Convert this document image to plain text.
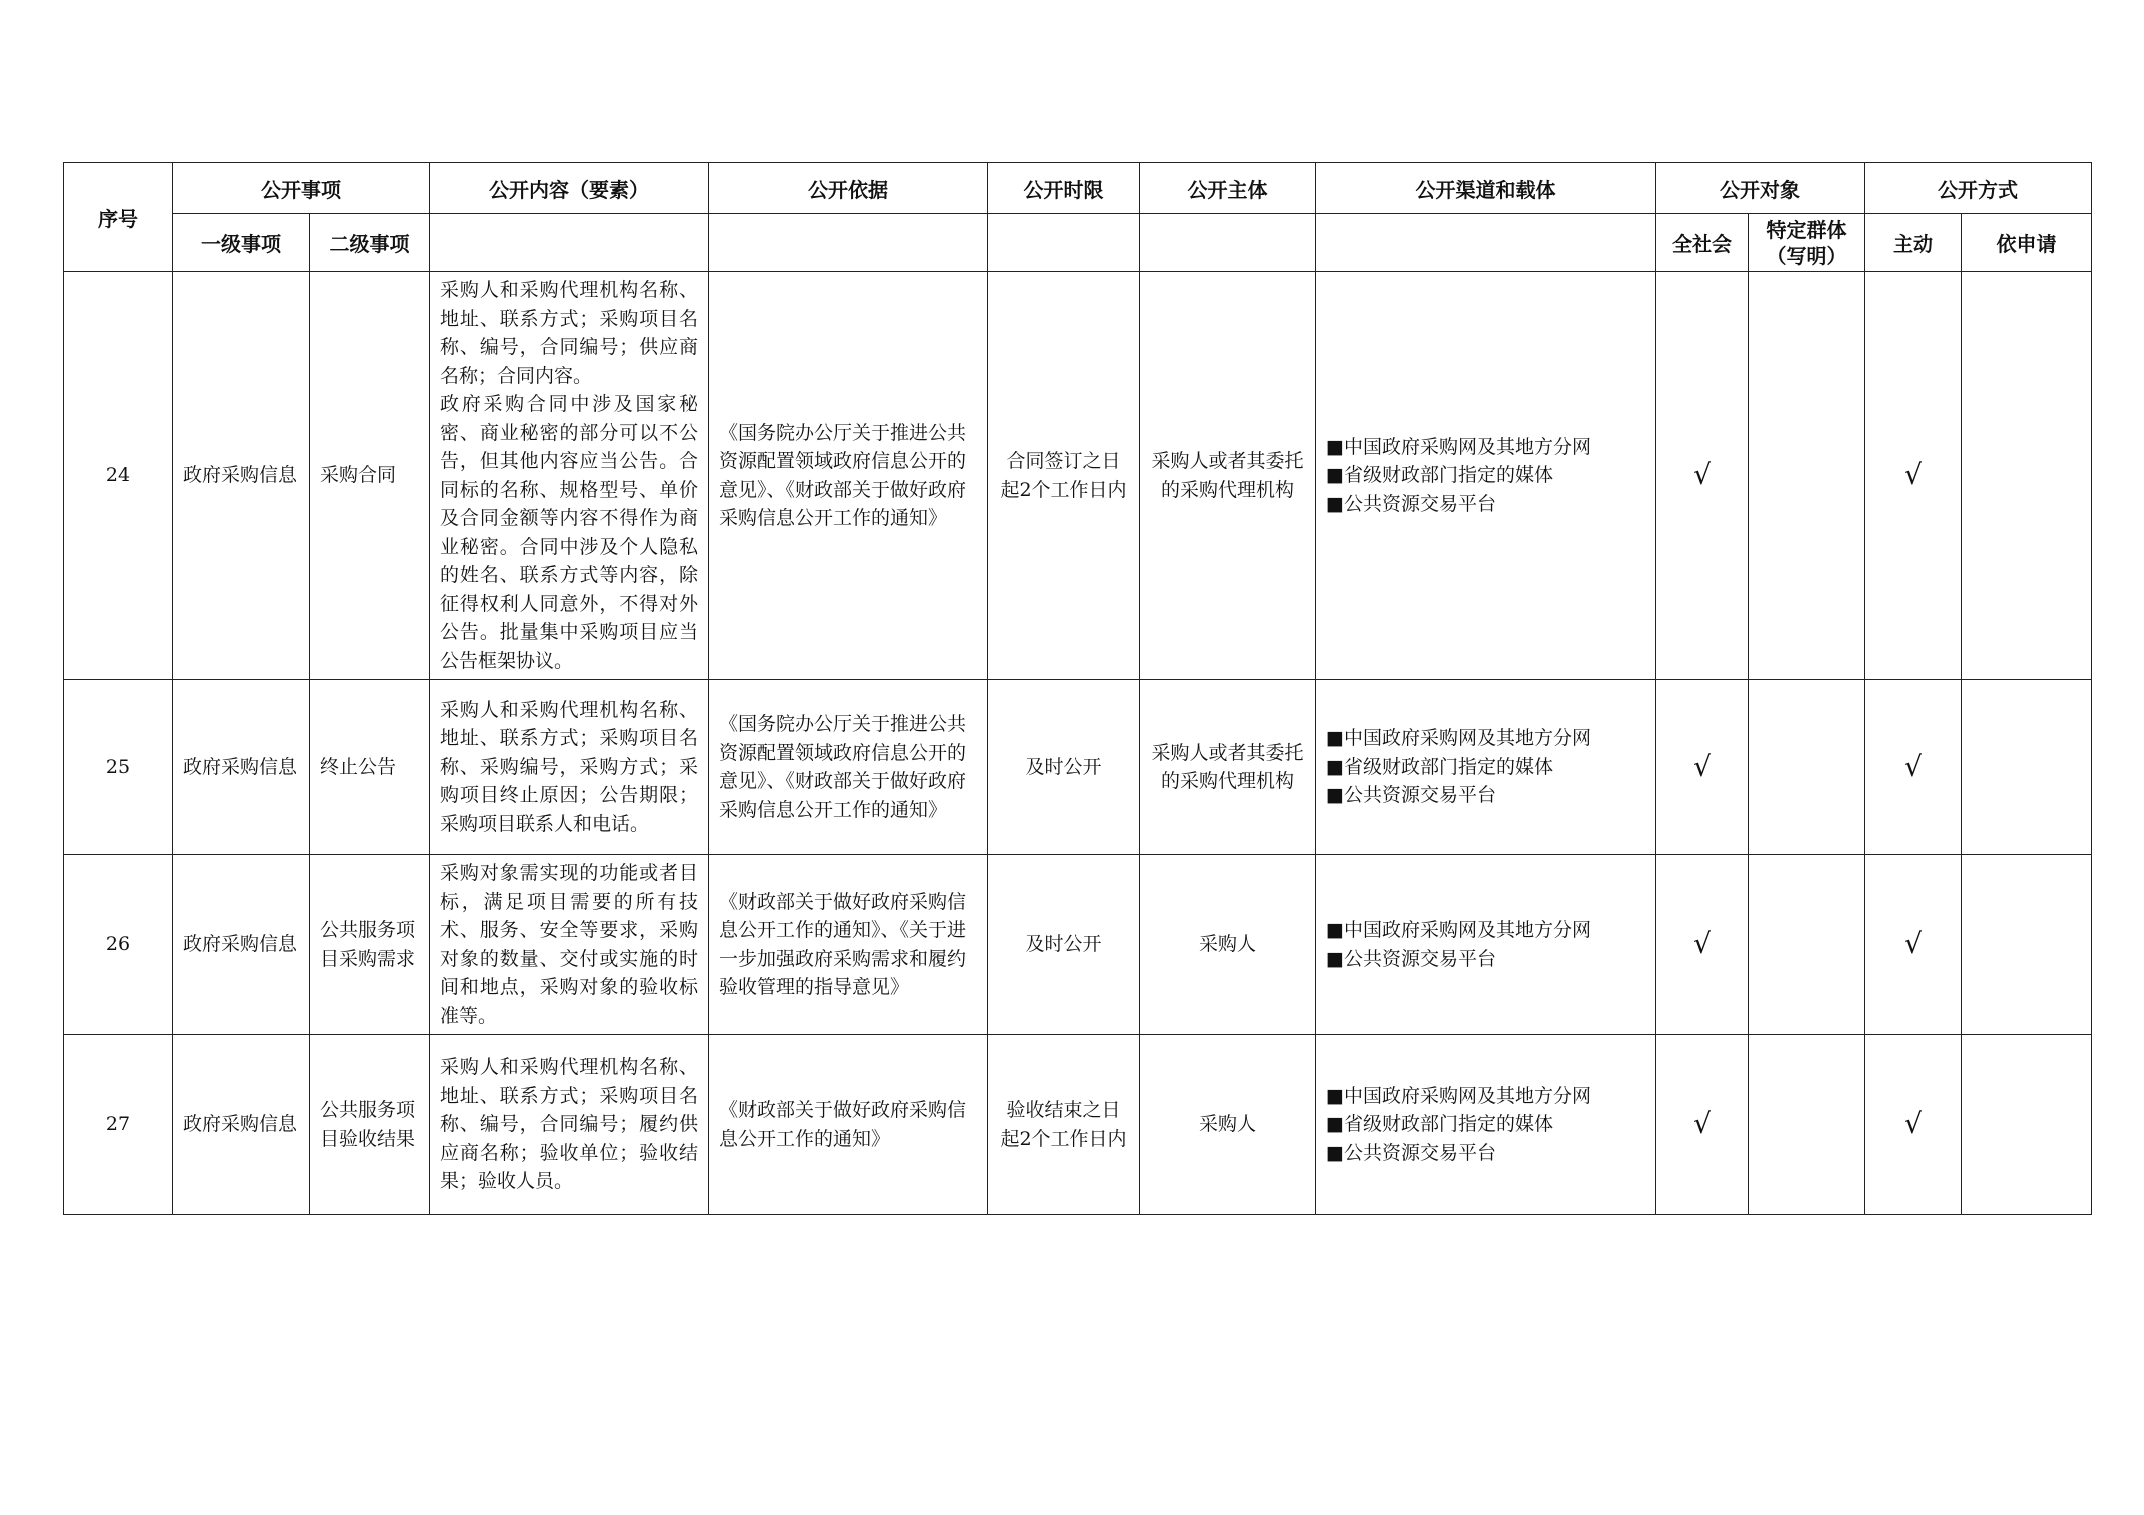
序号	公开事项		公开内容（要素）	公开依据	公开时限	公开主体	公开渠道和载体	公开对象		公开方式	
	一级事项	二级事项						全社会	特定群体（写明）	主动	依申请
24	政府采购信息	采购合同	采购人和采购代理机构名称、地址、联系方式；采购项目名称、编号，合同编号；供应商名称；合同内容。
政府采购合同中涉及国家秘密、商业秘密的部分可以不公告，但其他内容应当公告。合同标的名称、规格型号、单价及合同金额等内容不得作为商业秘密。合同中涉及个人隐私的姓名、联系方式等内容，除征得权利人同意外，不得对外公告。批量集中采购项目应当公告框架协议。	《国务院办公厅关于推进公共资源配置领域政府信息公开的意见》、《财政部关于做好政府采购信息公开工作的通知》	合同签订之日起2个工作日内	采购人或者其委托的采购代理机构	■中国政府采购网及其地方分网
■省级财政部门指定的媒体
■公共资源交易平台	√		√	
25	政府采购信息	终止公告	采购人和采购代理机构名称、地址、联系方式；采购项目名称、采购编号，采购方式；采购项目终止原因；公告期限；采购项目联系人和电话。	《国务院办公厅关于推进公共资源配置领域政府信息公开的意见》、《财政部关于做好政府采购信息公开工作的通知》	及时公开	采购人或者其委托的采购代理机构	■中国政府采购网及其地方分网
■省级财政部门指定的媒体
■公共资源交易平台	√		√	
26	政府采购信息	公共服务项目采购需求	采购对象需实现的功能或者目标，满足项目需要的所有技术、服务、安全等要求，采购对象的数量、交付或实施的时间和地点，采购对象的验收标准等。	《财政部关于做好政府采购信息公开工作的通知》、《关于进一步加强政府采购需求和履约验收管理的指导意见》	及时公开	采购人	■中国政府采购网及其地方分网
■公共资源交易平台	√		√	
27	政府采购信息	公共服务项目验收结果	采购人和采购代理机构名称、地址、联系方式；采购项目名称、编号，合同编号；履约供应商名称；验收单位；验收结果；验收人员。	《财政部关于做好政府采购信息公开工作的通知》	验收结束之日起2个工作日内	采购人	■中国政府采购网及其地方分网
■省级财政部门指定的媒体
■公共资源交易平台	√		√	
